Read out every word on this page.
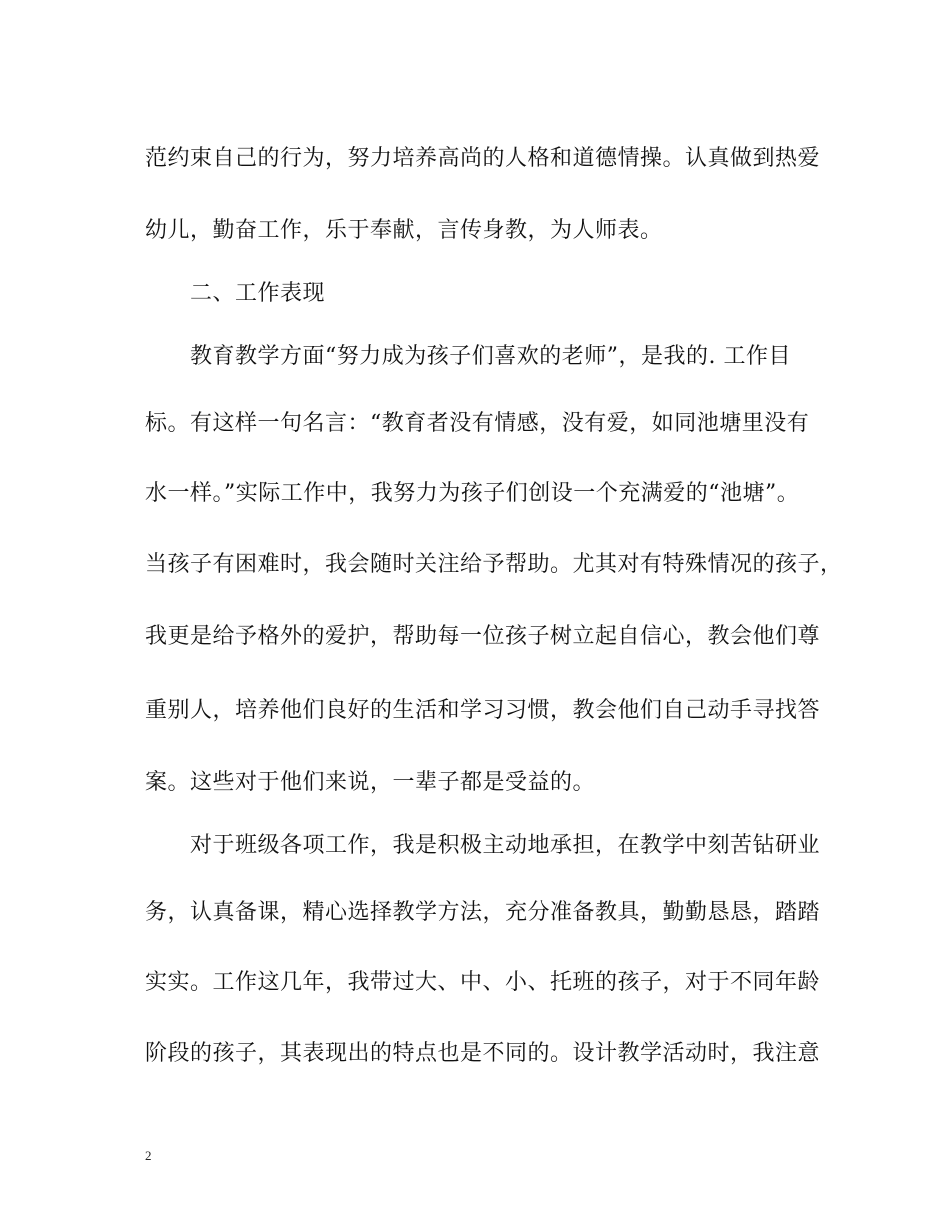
范约束自己的行为，努力培养高尚的人格和道德情操。认真做到热爱
幼儿，勤奋工作，乐于奉献，言传身教，为人师表。
二、工作表现
教育教学方面“努力成为孩子们喜欢的老师”，是我的. 工作目
标。有这样一句名言：“教育者没有情感，没有爱，如同池塘里没有
水一样。”实际工作中，我努力为孩子们创设一个充满爱的“池塘”。
当孩子有困难时，我会随时关注给予帮助。尤其对有特殊情况的孩子，
我更是给予格外的爱护，帮助每一位孩子树立起自信心，教会他们尊
重别人，培养他们良好的生活和学习习惯，教会他们自己动手寻找答
案。这些对于他们来说，一辈子都是受益的。
对于班级各项工作，我是积极主动地承担，在教学中刻苦钻研业
务，认真备课，精心选择教学方法，充分准备教具，勤勤恳恳，踏踏
实实。工作这几年，我带过大、中、小、托班的孩子，对于不同年龄
阶段的孩子，其表现出的特点也是不同的。设计教学活动时，我注意
2
